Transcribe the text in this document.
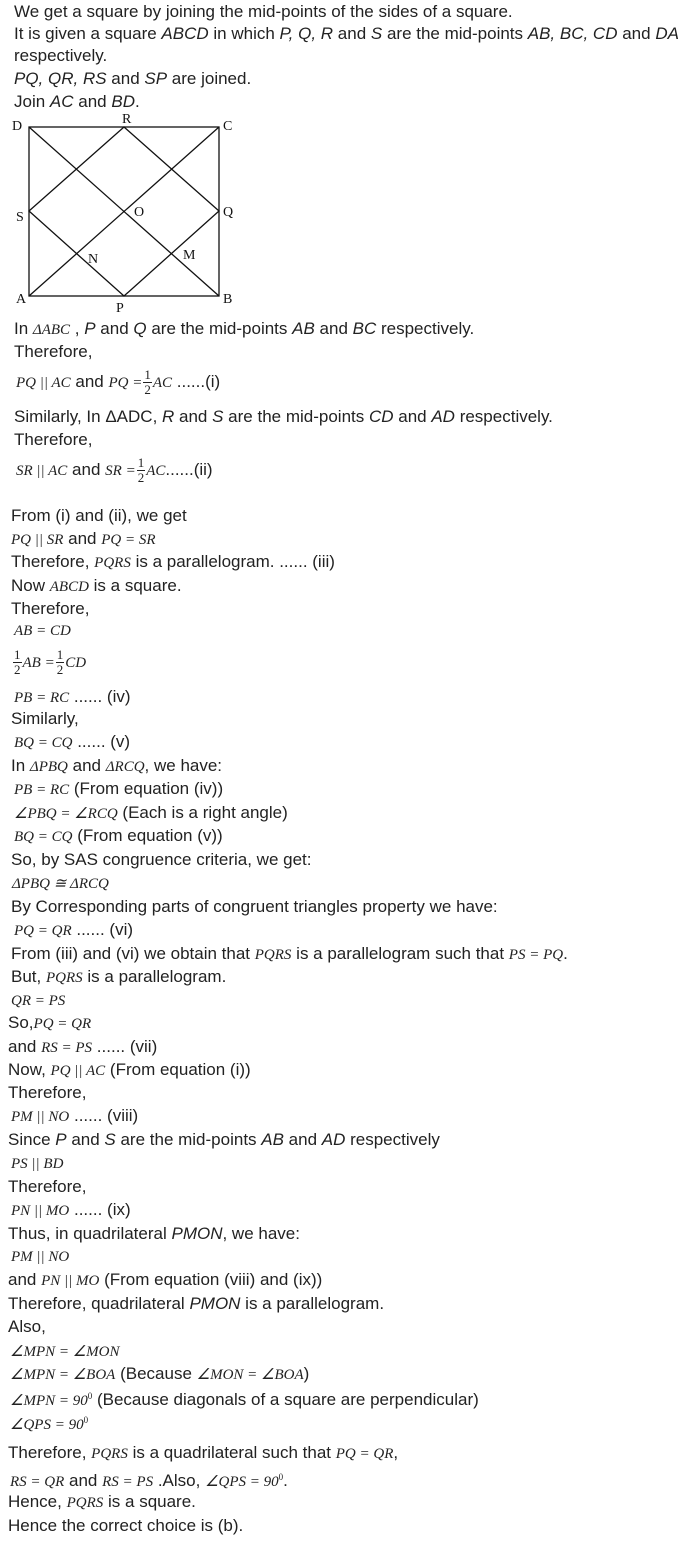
We get a square by joining the mid-points of the sides of a square.
It is given a square ABCD in which P, Q, R and S are the mid-points AB, BC, CD and DA
respectively.
PQ, QR, RS and SP are joined.
Join AC and BD.
D	R	C
S	O	Q
N	M
A
P
B
In ΔABC , P and Q are the mid-points AB and BC respectively.
Therefore,
PQ || AC and PQ = $\frac{1}{2}$ AC ......(i)
Similarly, In ΔADC, R and S are the mid-points CD and AD respectively.
Therefore,
SR || AC and SR = $\frac{1}{2} AC......(ii)$
From (i) and (ii), we get
PQ || SR and PQ = SR
Therefore, PQRS is a parallelogram. ...... (iii)
Now ABCD is a square.
Therefore,
AB = CD
$\frac{1}{2}$ AB = $\frac{1}{2}$ CD
PB = RC ...... (iv)
Similarly,
BQ = CQ ...... (v)
In ΔPBQ and ΔRCQ, we have:
PB = RC (From equation (iv))
∠PBQ = ∠RCQ (Each is a right angle)
BQ = CQ (From equation (v))
So, by SAS congruence criteria, we get:
ΔPBQ ≅ ΔRCQ
By Corresponding parts of congruent triangles property we have:
PQ = QR ...... (vi)
From (iii) and (vi) we obtain that PQRS is a parallelogram such that PS = PQ.
But, PQRS is a parallelogram.
QR = PS
So,PQ = QR
and RS = PS ...... (vii)
Now, PQ || AC (From equation (i))
Therefore,
PM || NO ...... (viii)
Since P and S are the mid-points AB and AD respectively
PS || BD
Therefore,
PN || MO ...... (ix)
Thus, in quadrilateral PMON, we have:
PM || NO
and PN || MO (From equation (viii) and (ix))
Therefore, quadrilateral PMON is a parallelogram.
Also,
∠MPN = ∠MON
∠MPN = ∠BOA (Because ∠MON = ∠BOA)
∠MPN = $90^0$ (Because diagonals of a square are perpendicular)
∠QPS = $90^0$
Therefore, PQRS is a quadrilateral such that PQ = QR,
RS = QR and RS = PS .Also, ∠QPS = $90^0$.
Hence, PQRS is a square.
Hence the correct choice is (b).
